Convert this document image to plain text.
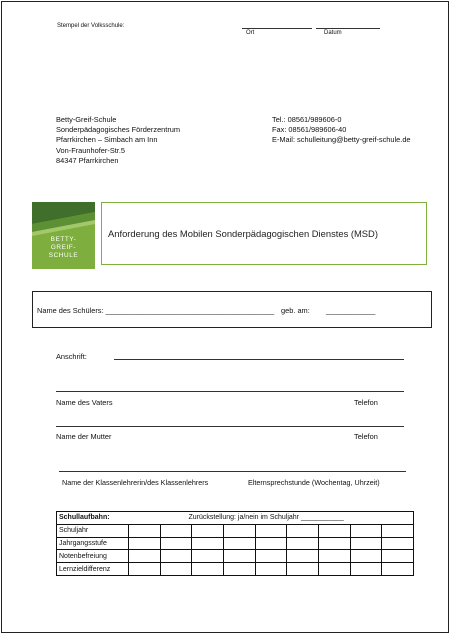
Stempel der Volksschule:
Ort	Datum
Betty-Greif-Schule
Sonderpädagogisches Förderzentrum
Pfarrkirchen – Simbach am Inn
Von-Fraunhofer-Str.5
84347 Pfarrkirchen
Tel.: 08561/989606-0
Fax: 08561/989606-40
E-Mail: schulleitung@betty-greif-schule.de
BETTY-
GREIF-
SCHULE
Anforderung des Mobilen Sonderpädagogischen Dienstes (MSD)
Name des Schülers: _________________________________________ geb. am: ____________
Anschrift:
Name des Vaters	Telefon
Name der Mutter	Telefon
Name der Klassenlehrerin/des Klassenlehrers	Elternsprechstunde (Wochentag, Uhrzeit)
Schullaufbahn:	Zurückstellung: ja/nein im Schuljahr ___________								
Schuljahr									
Jahrgangsstufe									
Notenbefreiung									
Lernzieldifferenz									
